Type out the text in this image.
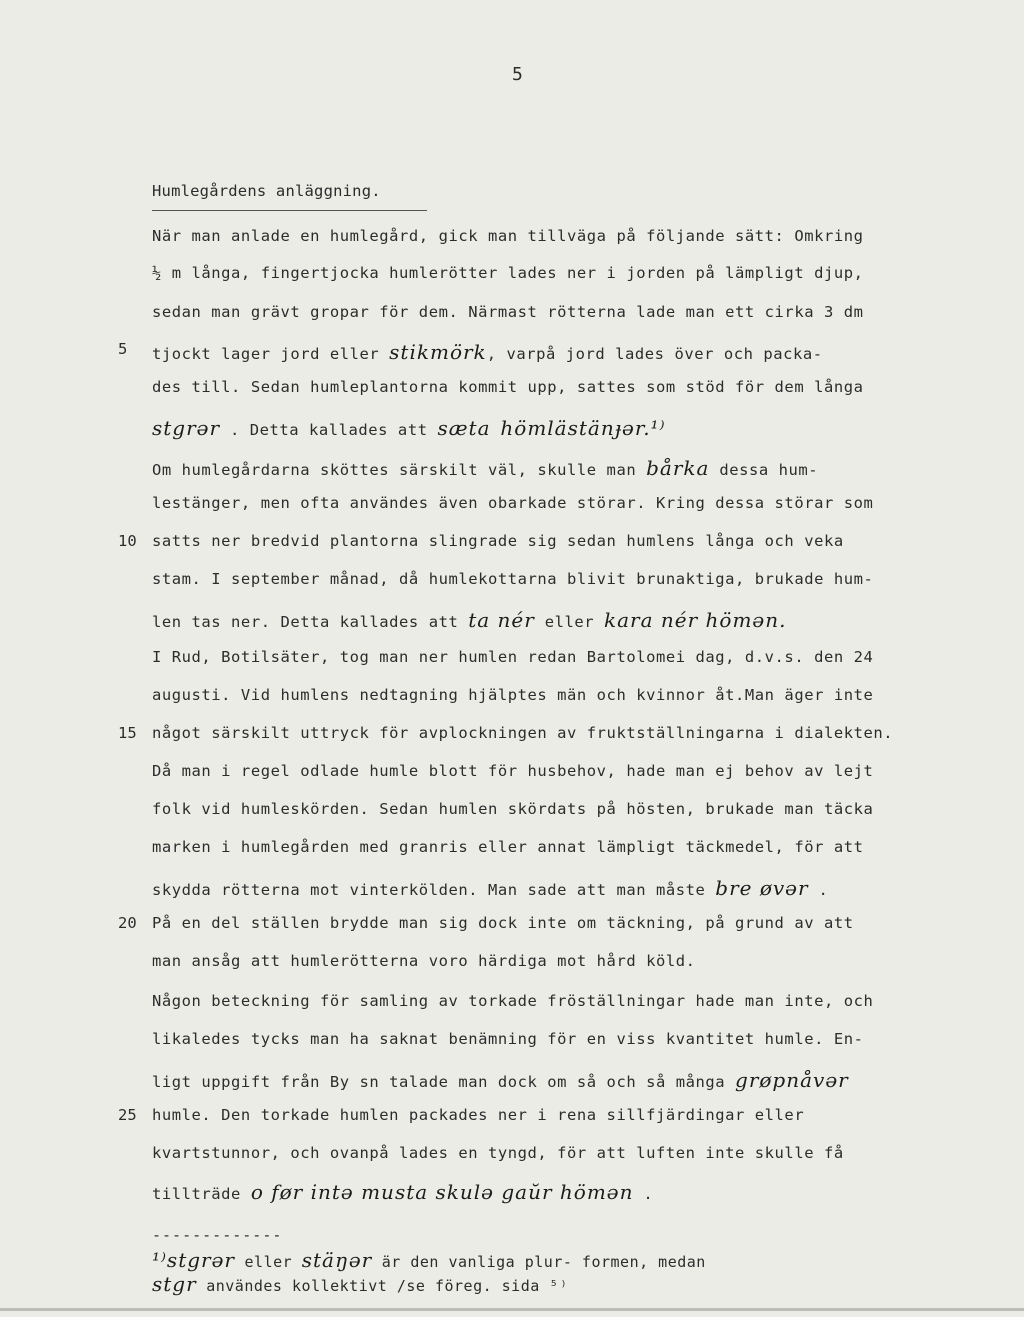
5
Humlegårdens anläggning.
När man anlade en humlegård, gick man tillväga på följande sätt: Omkring
½ m långa, fingertjocka humlerötter lades ner i jorden på lämpligt djup,
sedan man grävt gropar för dem. Närmast rötterna lade man ett cirka 3 dm
5 tjockt lager jord eller stikmörk, varpå jord lades över och packa-
des till. Sedan humleplantorna kommit upp, sattes som stöd för dem långa
stgrər . Detta kallades att sæta hömlästänɟər.¹⁾
Om humlegårdarna sköttes särskilt väl, skulle man bårka dessa hum-
lestänger, men ofta användes även obarkade störar. Kring dessa störar som
10 satts ner bredvid plantorna slingrade sig sedan humlens långa och veka
stam. I september månad, då humlekottarna blivit brunaktiga, brukade hum-
len tas ner. Detta kallades att ta nér eller kara nér hömən.
I Rud, Botilsäter, tog man ner humlen redan Bartolomei dag, d.v.s. den 24
augusti. Vid humlens nedtagning hjälptes män och kvinnor åt.Man äger inte
15 något särskilt uttryck för avplockningen av fruktställningarna i dialekten.
Då man i regel odlade humle blott för husbehov, hade man ej behov av lejt
folk vid humleskörden. Sedan humlen skördats på hösten, brukade man täcka
marken i humlegården med granris eller annat lämpligt täckmedel, för att
skydda rötterna mot vinterkölden. Man sade att man måste bre øvər .
20 På en del ställen brydde man sig dock inte om täckning, på grund av att
man ansåg att humlerötterna voro härdiga mot hård köld.
Någon beteckning för samling av torkade fröställningar hade man inte, och
likaledes tycks man ha saknat benämning för en viss kvantitet humle. En-
ligt uppgift från By sn talade man dock om så och så många grøpnåvər
25 humle. Den torkade humlen packades ner i rena sillfjärdingar eller
kvartstunnor, och ovanpå lades en tyngd, för att luften inte skulle få
tillträde o før intə musta skulə gaŭr hömən .
-------------
¹⁾stgrər eller stäŋər är den vanliga plur- formen, medan
stgr användes kollektivt /se föreg. sida ⁵⁾
